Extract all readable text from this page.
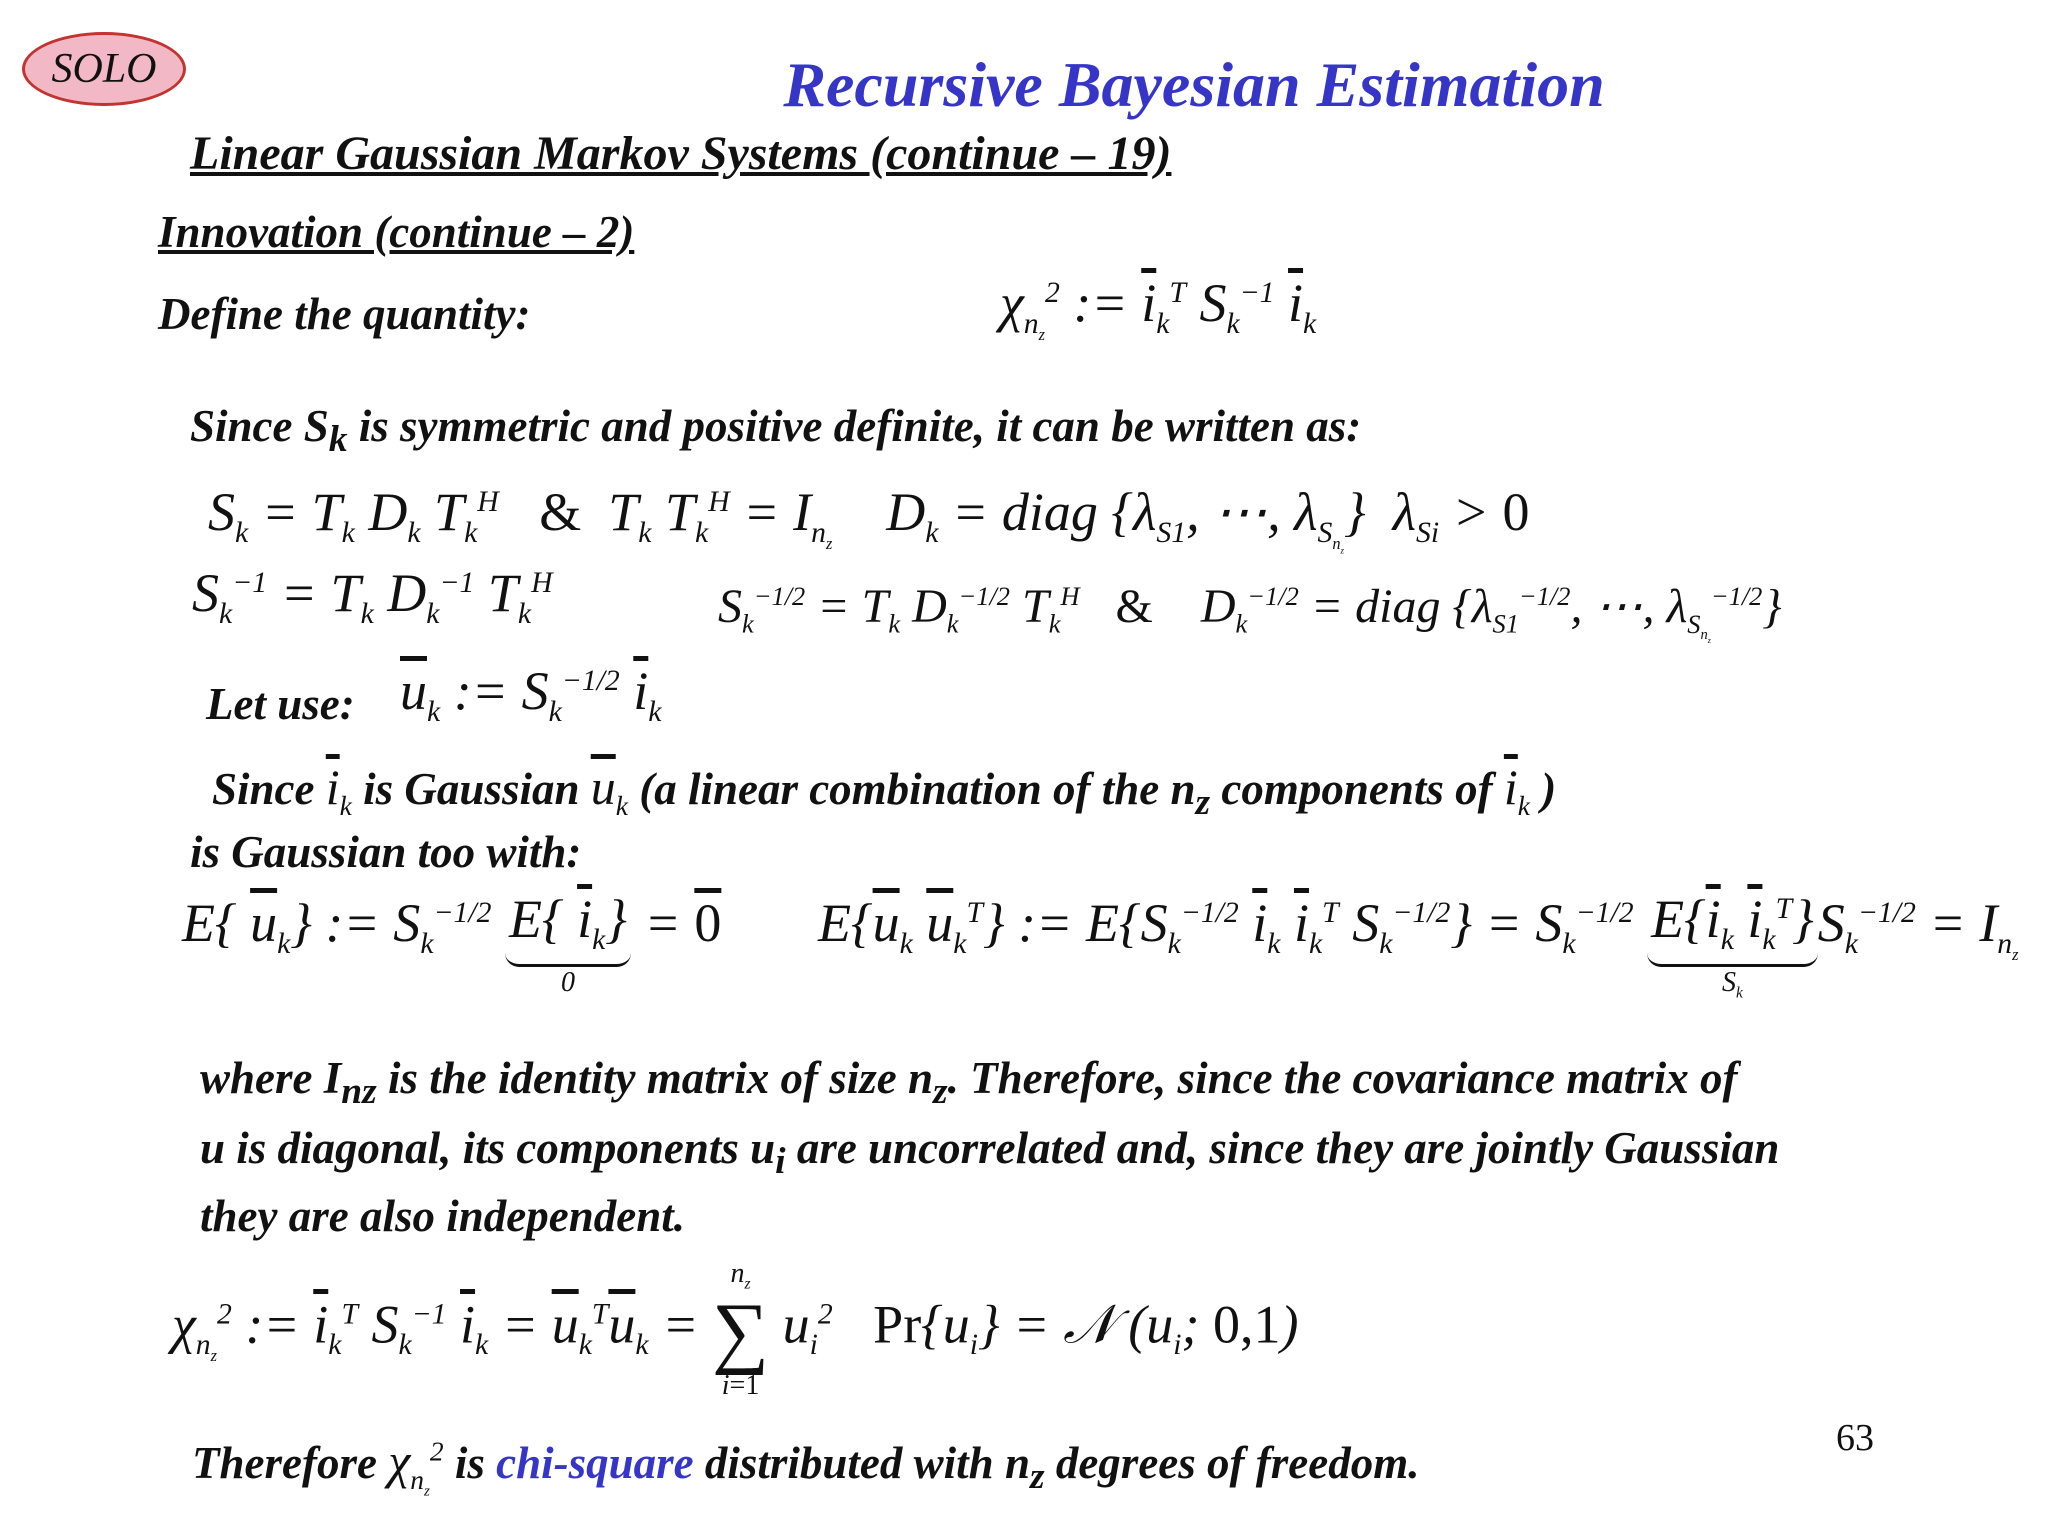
SOLO	Recursive Bayesian Estimation
Linear Gaussian Markov Systems (continue – 19)
Innovation (continue – 2)
Define the quantity:	$\chi_{n_z}^2$ := $\overline{i}_k^T$ $S_k^{-1}$ $\overline{i}_k$
Since $S_k$ is symmetric and positive definite, it can be written as:
$S_k = T_k$ $D_k$ $T_k^H$ &  $T_k$ $T_k^H = I_{n_z}$    $D_k$ = diag {$\lambda_{S1}$, ⋯, $\lambda_{S_{n_z}}$}  $\lambda_{Si} > 0$
$S_k^{-1} = T_k$ $D_k^{-1}$ $T_k^H$	$S_k^{-1/2} = T_k$ $D_k^{-1/2}$ $T_k^H$ &    $D_k^{-1/2}$ = diag {$\lambda_{S1}^{-1/2}$, ⋯, $\lambda_{S_{n_z}}^{-1/2}$}
Let use: $\overline{u}_k$ := $S_k^{-1/2}$ $\overline{i}_k$
Since $\overline{i}_k$ is Gaussian $\overline{u}_k$ (a linear combination of the $n_z$ components of $\overline{i}_k$ )
is Gaussian too with:
E{ $\overline{u}_k$} := $S_k^{-1/2}$ E{ $\overline{i}_k$}
0
= 0 $E\{\overline{u}_k$ $\overline{u}_k^T$} := $E\{S_k^{-1/2}$ $\overline{i}_k$ $\overline{i}_k^T$ $S_k^{-1/2}\} = S_k^{-1/2}$ $E\{\overline{i}_k$ $\overline{i}_k^T$}
$S_k$
$S_k^{-1/2} = I_{n_z}$
where $I_{nz}$ is the identity matrix of size $n_z$. Therefore, since the covariance matrix of
u is diagonal, its components $u_i$ are uncorrelated and, since they are jointly Gaussian
they are also independent.
$\chi_{n_z}^2$ := $\overline{i}_k^T$ $S_k^{-1}$ $\overline{i}_k = \overline{u}_k^T\overline{u}_k$ =
$n_z$
∑
i=1
$u_i^2$ $Pr\{u_i\}$ = 𝒩 ($u_i$; 0,1)
Therefore $\chi_{n_z}^2$ is chi-square distributed with $n_z$ degrees of freedom.	63
